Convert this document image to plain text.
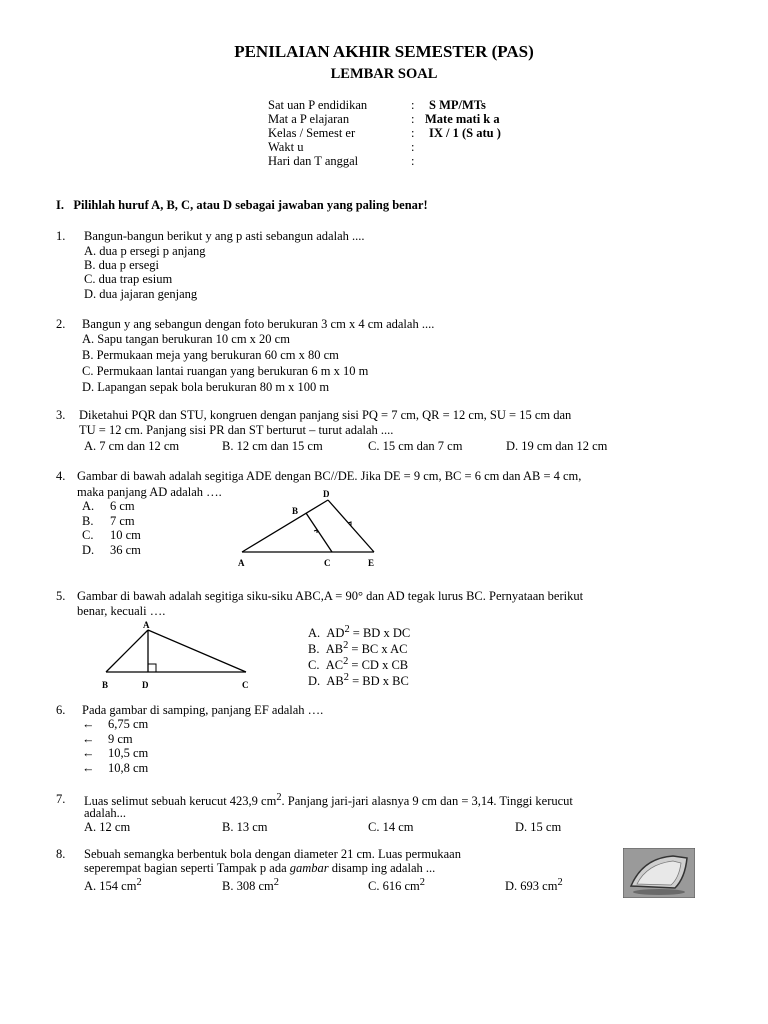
PENILAIAN AKHIR SEMESTER (PAS)
LEMBAR SOAL
Sat uan P endidikan	: S MP/MTs
Mat a P elajaran	: Mate mati k a
Kelas / Semest er	: IX / 1 (S atu )
Wakt u	:
Hari dan T anggal	:
I.   Pilihlah huruf A, B, C, atau D sebagai jawaban yang paling benar!
1. Bangun-bangun berikut y ang p asti sebangun adalah ....
A. dua p ersegi p anjang
B. dua p ersegi
C. dua trap esium
D. dua jajaran genjang
2. Bangun y ang sebangun dengan foto berukuran 3 cm x 4 cm adalah ....
A. Sapu tangan berukuran 10 cm x 20 cm
B. Permukaan meja yang berukuran 60 cm x 80 cm
C. Permukaan lantai ruangan yang berukuran 6 m x 10 m
D. Lapangan sepak bola berukuran 80 m x 100 m
3. Diketahui PQR dan STU, kongruen dengan panjang sisi PQ = 7 cm, QR = 12 cm, SU = 15 cm dan
TU = 12 cm. Panjang sisi PR dan ST berturut – turut adalah ....
A. 7 cm dan 12 cm	B. 12 cm dan 15 cm	C. 15 cm dan 7 cm	D. 19 cm dan 12 cm
4. Gambar di bawah adalah segitiga ADE dengan BC//DE. Jika DE = 9 cm, BC = 6 cm dan AB = 4 cm,
maka panjang AD adalah ….
A. 6 cm
B. 7 cm
C. 10 cm
D. 36 cm
A
B
C
D
E
5. Gambar di bawah adalah segitiga siku-siku ABC,A = 90° dan AD tegak lurus BC. Pernyataan berikut
benar, kecuali ….
A
B	D	C
A. $AD^2$ = BD x DC
B. $AB^2$ = BC x AC
C. $AC^2$ = CD x CB
D. $AB^2$ = BD x BC
6. Pada gambar di samping, panjang EF adalah ….
← 6,75 cm
← 9 cm
← 10,5 cm
← 10,8 cm
7. Luas selimut sebuah kerucut 423,9 $cm^2$. Panjang jari-jari alasnya 9 cm dan = 3,14. Tinggi kerucut
adalah...
A. 12 cm	B. 13 cm	C. 14 cm	D. 15 cm
8. Sebuah semangka berbentuk bola dengan diameter 21 cm. Luas permukaan
seperempat bagian seperti Tampak p ada gambar disamp ing adalah ...
A. 154 $cm^2$	B. 308 $cm^2$	C. 616 $cm^2$	D. 693 $cm^2$
